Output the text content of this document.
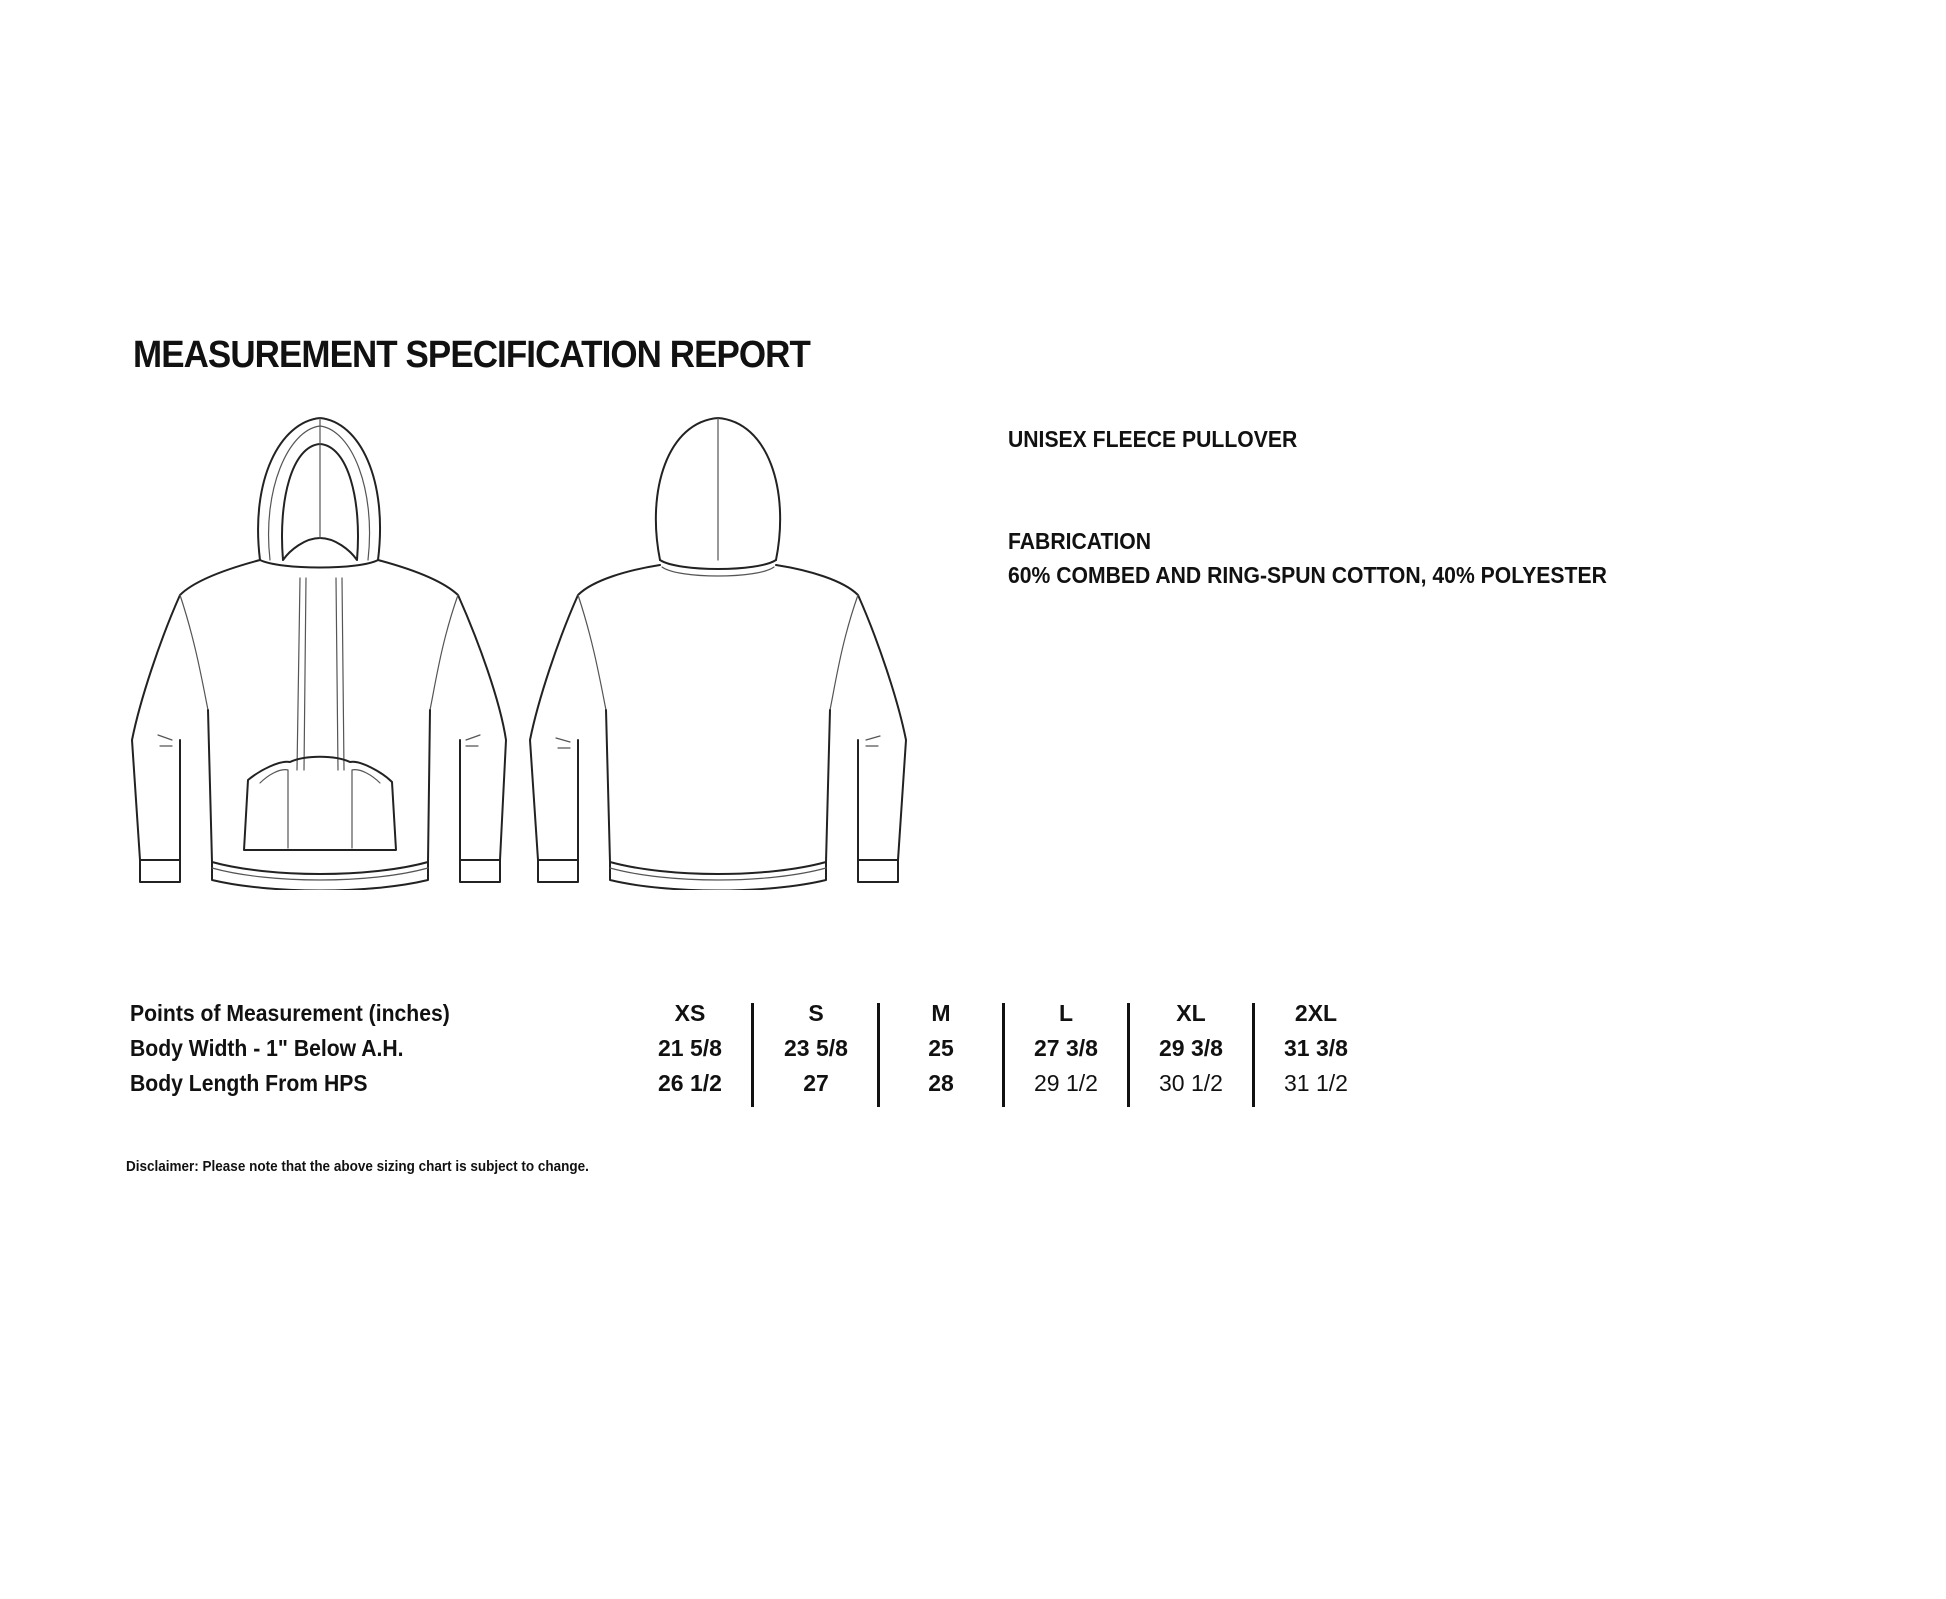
MEASUREMENT SPECIFICATION REPORT
UNISEX FLEECE PULLOVER
FABRICATION
60% COMBED AND RING-SPUN COTTON, 40% POLYESTER
Points of Measurement (inches)	XS	S	M	L	XL	2XL
Body Width - 1" Below A.H.	21 5/8	23 5/8	25	27 3/8	29 3/8	31 3/8
Body Length From HPS	26 1/2	27	28	29 1/2	30 1/2	31 1/2
Disclaimer: Please note that the above sizing chart is subject to change.
